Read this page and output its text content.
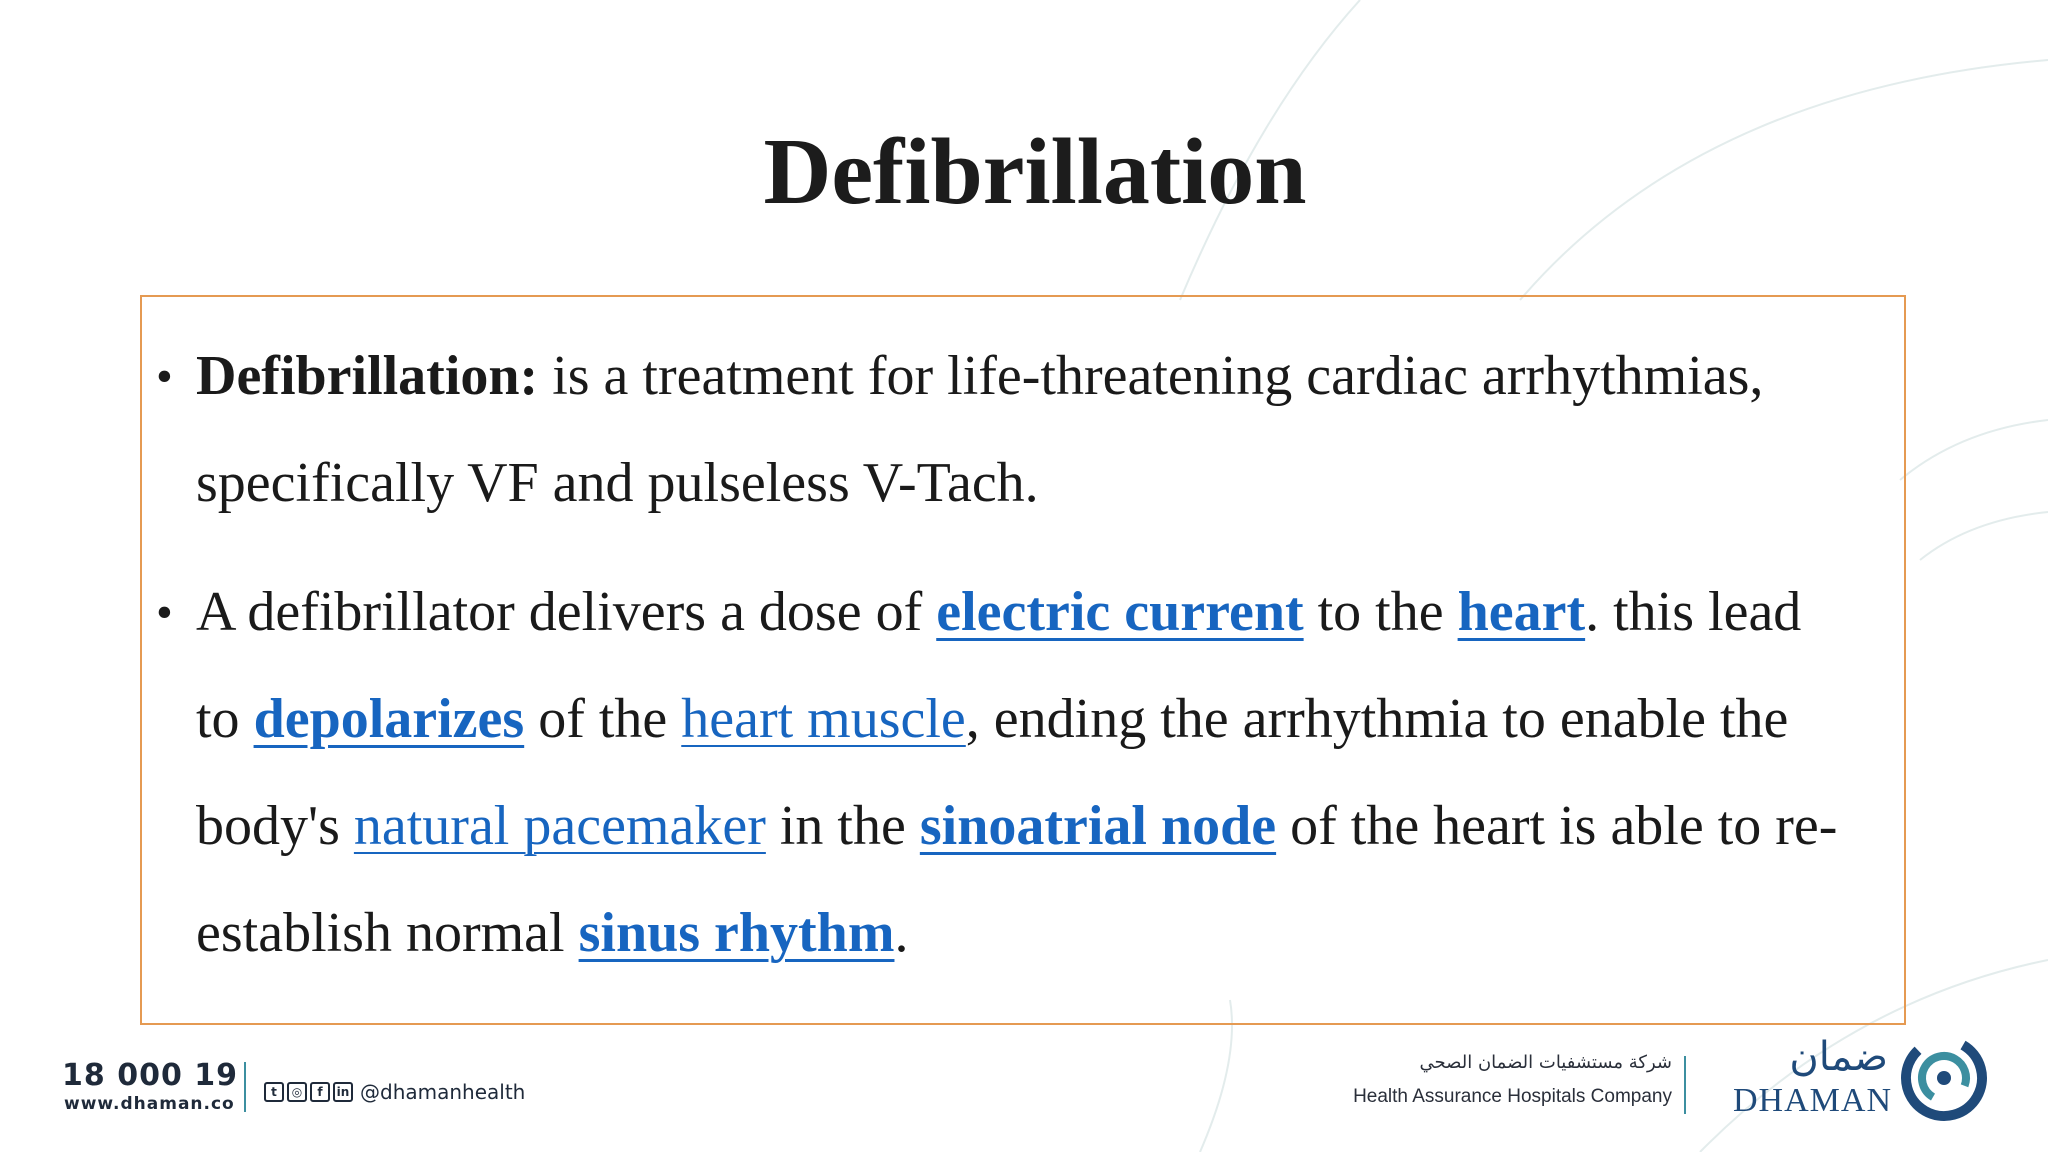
Defibrillation
• Defibrillation: is a treatment for life-threatening cardiac arrhythmias, specifically VF and pulseless V-Tach.
• A defibrillator delivers a dose of electric current to the heart. this lead to depolarizes of the heart muscle, ending the arrhythmia to enable the body's natural pacemaker in the sinoatrial node of the heart is able to re-establish normal sinus rhythm.
18 000 19
www.dhaman.co
t	◎	f	in @dhamanhealth
شركة مستشفيات الضمان الصحي
Health Assurance Hospitals Company
ضمان
DHAMAN
